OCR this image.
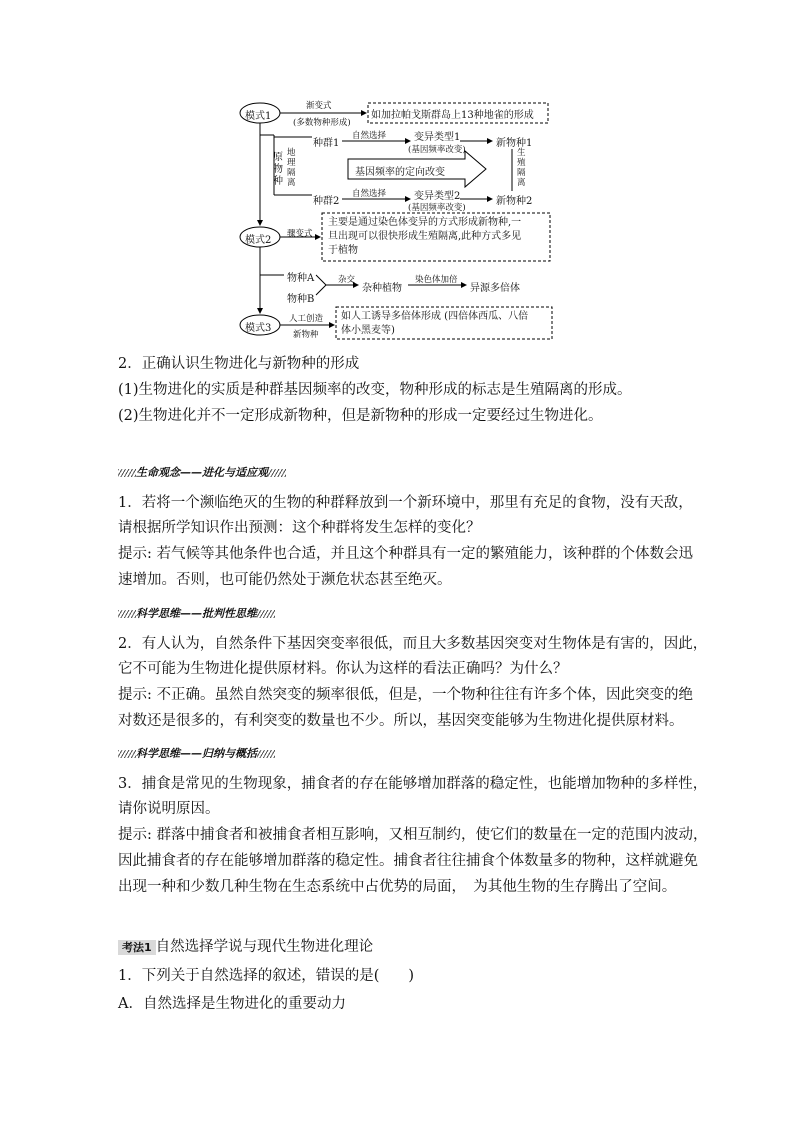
模式1
模式2
模式3
渐变式
(多数物种形成)
如加拉帕戈斯群岛上13种地雀的形成
原
物
种
地
理
隔
离
种群1
种群2
自然选择
自然选择
变异类型1
(基因频率改变)
变异类型2
(基因频率改变)
基因频率的定向改变
新物种1
新物种2
生
殖
隔
离
骤变式
主要是通过染色体变异的方式形成新物种,一
旦出现可以很快形成生殖隔离,此种方式多见
于植物
物种A
物种B
杂交
杂种植物
染色体加倍
异源多倍体
人工创造
新物种
如人工诱导多倍体形成 (四倍体西瓜、八倍
体小黑麦等)
2．正确认识生物进化与新物种的形成
(1)生物进化的实质是种群基因频率的改变，物种形成的标志是生殖隔离的形成。
(2)生物进化并不一定形成新物种，但是新物种的形成一定要经过生物进化。
生命观念——进化与适应观
1．若将一个濒临绝灭的生物的种群释放到一个新环境中，那里有充足的食物，没有天敌，
请根据所学知识作出预测：这个种群将发生怎样的变化？
提示: 若气候等其他条件也合适，并且这个种群具有一定的繁殖能力，该种群的个体数会迅
速增加。否则，也可能仍然处于濒危状态甚至绝灭。
科学思维——批判性思维
2．有人认为，自然条件下基因突变率很低，而且大多数基因突变对生物体是有害的，因此，
它不可能为生物进化提供原材料。你认为这样的看法正确吗？为什么？
提示: 不正确。虽然自然突变的频率很低，但是，一个物种往往有许多个体，因此突变的绝
对数还是很多的，有利突变的数量也不少。所以，基因突变能够为生物进化提供原材料。
科学思维——归纳与概括
3．捕食是常见的生物现象，捕食者的存在能够增加群落的稳定性，也能增加物种的多样性，
请你说明原因。
提示: 群落中捕食者和被捕食者相互影响，又相互制约，使它们的数量在一定的范围内波动，
因此捕食者的存在能够增加群落的稳定性。捕食者往往捕食个体数量多的物种，这样就避免
出现一种和少数几种生物在生态系统中占优势的局面，　为其他生物的生存腾出了空间。
考法1 自然选择学说与现代生物进化理论
1．下列关于自然选择的叙述，错误的是(　　)
A．自然选择是生物进化的重要动力
